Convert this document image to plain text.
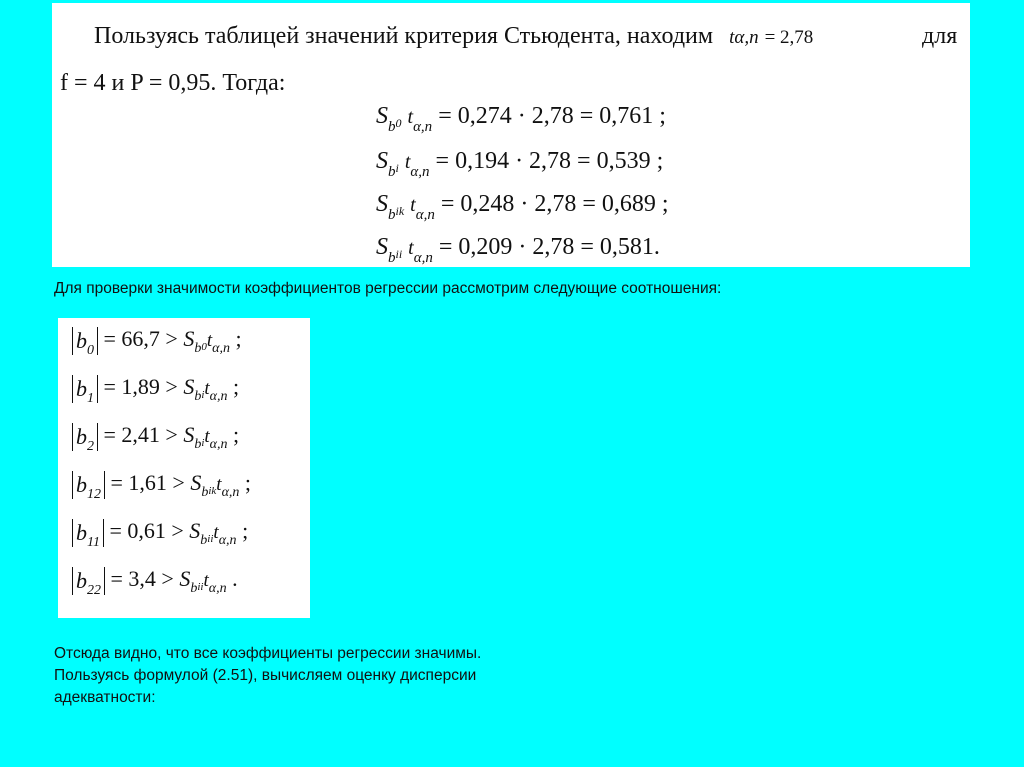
Пользуясь таблицей значений критерия Стьюдента, находим tα,n = 2,78	для
f = 4 и P = 0,95. Тогда:
$S_b0$ $t_{\alpha,n} = 0,274 \cdot 2,78 = 0,761$ ;
$S_bi$ $t_{\alpha,n} = 0,194 \cdot 2,78 = 0,539$ ;
$S_bik$ $t_{\alpha,n} = 0,248 \cdot 2,78 = 0,689$ ;
$S_bii$ $t_{\alpha,n} = 0,209 \cdot 2,78 = 0,581$.
Для проверки значимости коэффициентов регрессии рассмотрим следующие соотношения:
$b_0 = 66,7 > S_b0t_{\alpha,n}$ ;
$b_1 = 1,89 > S_bit_{\alpha,n}$ ;
$b_2 = 2,41 > S_bit_{\alpha,n}$ ;
$b_{12} = 1,61 > S_bikt_{\alpha,n}$ ;
$b_{11} = 0,61 > S_biit_{\alpha,n}$ ;
$b_{22} = 3,4 > S_biit_{\alpha,n}$ .
Отсюда видно, что все коэффициенты регрессии значимы.
Пользуясь формулой (2.51), вычисляем оценку дисперсии
адекватности:
